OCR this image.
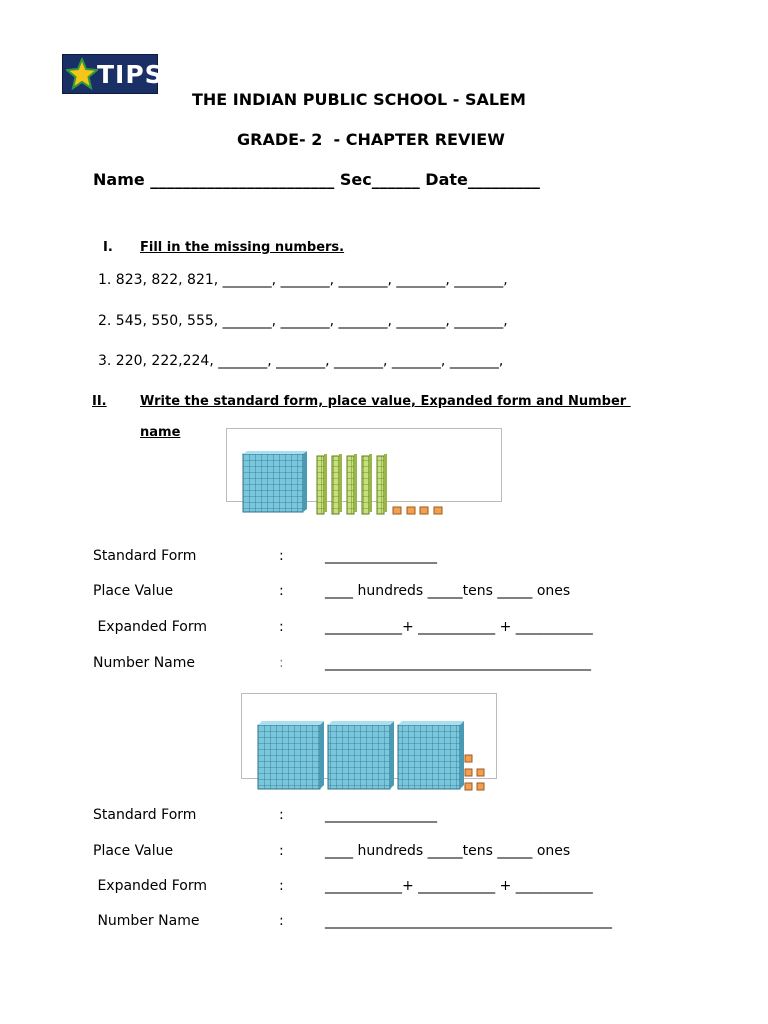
TIPS

THE INDIAN PUBLIC SCHOOL - SALEM
GRADE- 2  - CHAPTER REVIEW
Name _______________________ Sec______ Date_________
I. Fill in the missing numbers.
1. 823, 822, 821, _______, _______, _______, _______, _______,
2. 545, 550, 555, _______, _______, _______, _______, _______,
3. 220, 222,224, _______, _______, _______, _______, _______,
II.	Write the standard form, place value, Expanded form and Number
name

Standard Form	:	________________
Place Value	:	____ hundreds _____tens _____ ones
Expanded Form	:	___________+ ___________ + ___________
Number Name	:	______________________________________

Standard Form	:	________________
Place Value	:	____ hundreds _____tens _____ ones
Expanded Form	:	___________+ ___________ + ___________
Number Name	:	_________________________________________
